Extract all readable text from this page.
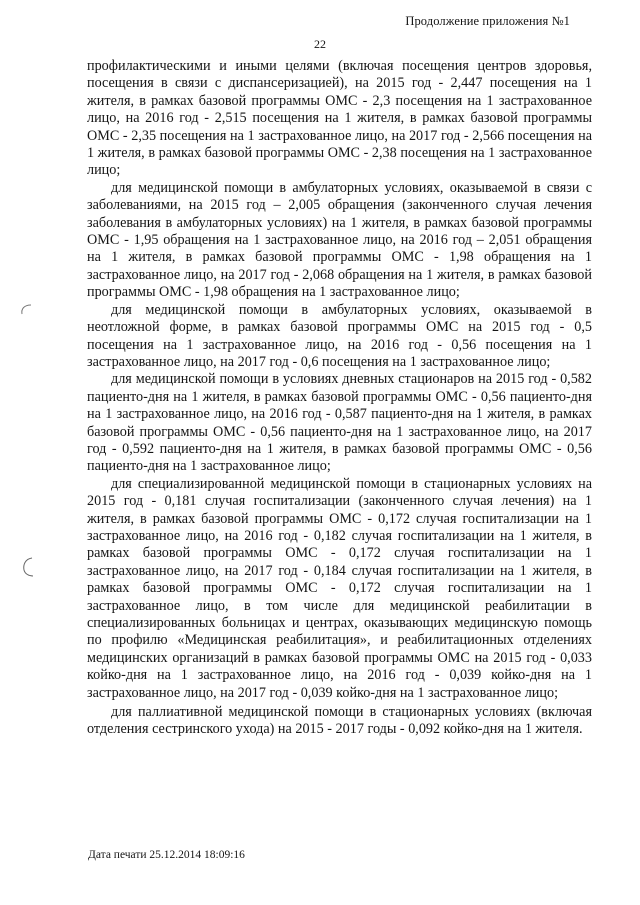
Продолжение приложения №1
22

профилактическими и иными целями (включая посещения центров здоровья, посещения в связи с диспансеризацией), на 2015 год - 2,447 посещения на 1 жителя, в рамках базовой программы ОМС - 2,3 посещения на 1 застрахованное лицо, на 2016 год - 2,515 посещения на 1 жителя, в рамках базовой программы ОМС - 2,35 посещения на 1 застрахованное лицо, на 2017 год - 2,566 посещения на 1 жителя, в рамках базовой программы ОМС - 2,38 посещения на 1 застрахованное лицо;

для медицинской помощи в амбулаторных условиях, оказываемой в связи с заболеваниями, на 2015 год – 2,005 обращения (законченного случая лечения заболевания в амбулаторных условиях) на 1 жителя, в рамках базовой программы ОМС - 1,95 обращения на 1 застрахованное лицо, на 2016 год – 2,051 обращения на 1 жителя, в рамках базовой программы ОМС - 1,98 обращения на 1 застрахованное лицо, на 2017 год - 2,068 обращения на 1 жителя, в рамках базовой программы ОМС - 1,98 обращения на 1 застрахованное лицо;

для медицинской помощи в амбулаторных условиях, оказываемой в неотложной форме, в рамках базовой программы ОМС на 2015 год - 0,5 посещения на 1 застрахованное лицо, на 2016 год - 0,56 посещения на 1 застрахованное лицо, на 2017 год - 0,6 посещения на 1 застрахованное лицо;

для медицинской помощи в условиях дневных стационаров на 2015 год - 0,582 пациенто-дня на 1 жителя, в рамках базовой программы ОМС - 0,56 пациенто-дня на 1 застрахованное лицо, на 2016 год - 0,587 пациенто-дня на 1 жителя, в рамках базовой программы ОМС - 0,56 пациенто-дня на 1 застрахованное лицо, на 2017 год - 0,592 пациенто-дня на 1 жителя, в рамках базовой программы ОМС - 0,56 пациенто-дня на 1 застрахованное лицо;

для специализированной медицинской помощи в стационарных условиях на 2015 год - 0,181 случая госпитализации (законченного случая лечения) на 1 жителя, в рамках базовой программы ОМС - 0,172 случая госпитализации на 1 застрахованное лицо, на 2016 год - 0,182 случая госпитализации на 1 жителя, в рамках базовой программы ОМС - 0,172 случая госпитализации на 1 застрахованное лицо, на 2017 год - 0,184 случая госпитализации на 1 жителя, в рамках базовой программы ОМС - 0,172 случая госпитализации на 1 застрахованное лицо, в том числе для медицинской реабилитации в специализированных больницах и центрах, оказывающих медицинскую помощь по профилю «Медицинская реабилитация», и реабилитационных отделениях медицинских организаций в рамках базовой программы ОМС на 2015 год - 0,033 койко-дня на 1 застрахованное лицо, на 2016 год - 0,039 койко-дня на 1 застрахованное лицо, на 2017 год - 0,039 койко-дня на 1 застрахованное лицо;

для паллиативной медицинской помощи в стационарных условиях (включая отделения сестринского ухода) на 2015 - 2017 годы - 0,092 койко-дня на 1 жителя.

Дата печати 25.12.2014 18:09:16
